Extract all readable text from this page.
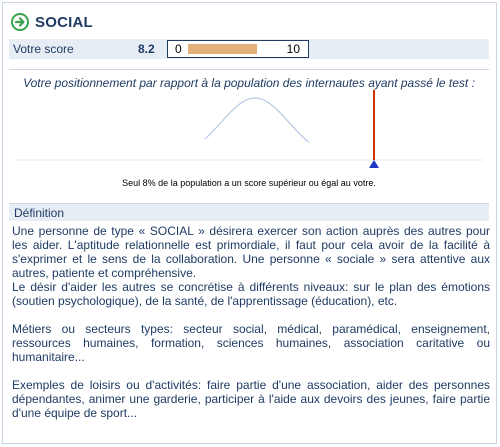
SOCIAL
Votre score	8.2 0	10
Votre positionnement par rapport à la population des internautes ayant passé le test :
Seul 8% de la population a un score supérieur ou égal au votre.
Définition

Une personne de type « SOCIAL » désirera exercer son action auprès des autres pour les aider. L'aptitude relationnelle est primordiale, il faut pour cela avoir de la facilité à s'exprimer et le sens de la collaboration. Une personne « sociale » sera attentive aux autres, patiente et compréhensive.

Le désir d'aider les autres se concrétise à différents niveaux: sur le plan des émotions (soutien psychologique), de la santé, de l'apprentissage (éducation), etc.

Métiers ou secteurs types: secteur social, médical, paramédical, enseignement, ressources humaines, formation, sciences humaines, association caritative ou humanitaire...

Exemples de loisirs ou d'activités: faire partie d'une association, aider des personnes dépendantes, animer une garderie, participer à l'aide aux devoirs des jeunes, faire partie d'une équipe de sport...
